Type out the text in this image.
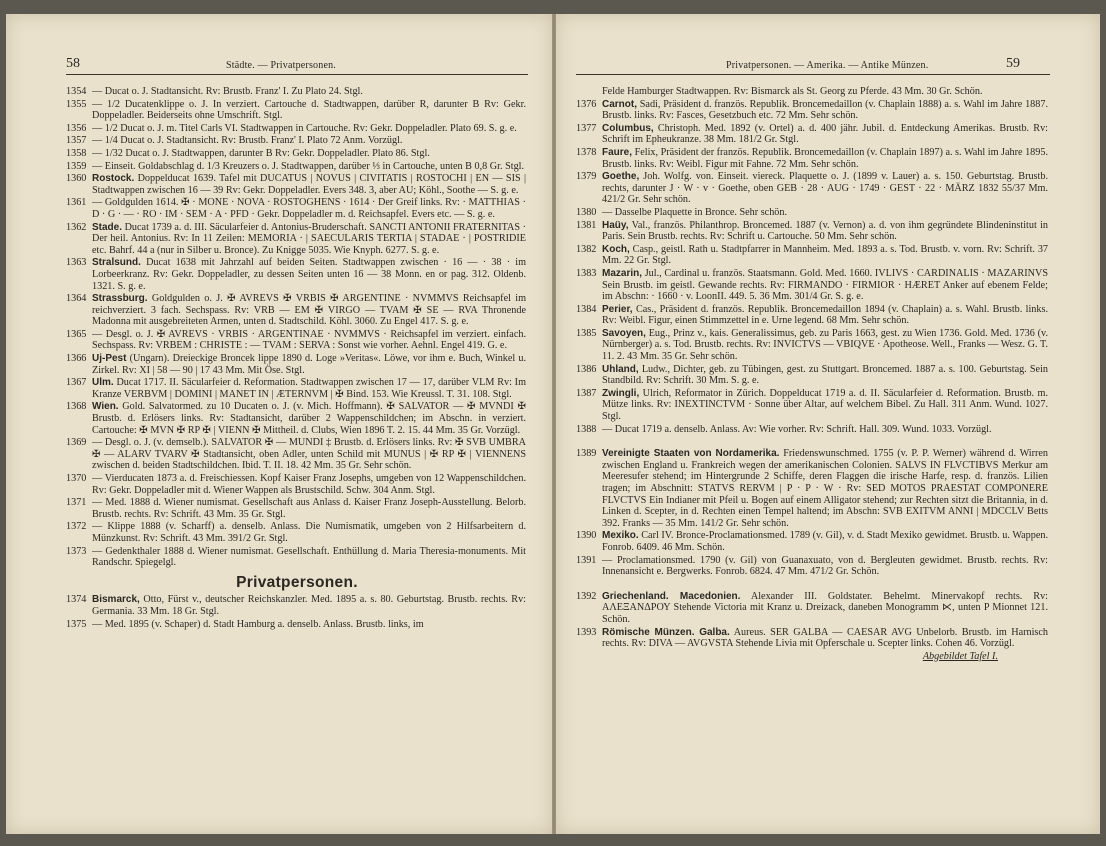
58	Städte. — Privatpersonen.
1354 — Ducat o. J. Stadtansicht. Rv: Brustb. Franz' I. Zu Plato 24. Stgl.
1355 — 1/2 Ducatenklippe o. J. In verziert. Cartouche d. Stadtwappen, darüber R, darunter B Rv: Gekr. Doppeladler. Beiderseits ohne Umschrift. Stgl.
1356 — 1/2 Ducat o. J. m. Titel Carls VI. Stadtwappen in Cartouche. Rv: Gekr. Doppeladler. Plato 69. S. g. e.
1357 — 1/4 Ducat o. J. Stadtansicht. Rv: Brustb. Franz' I. Plato 72 Anm. Vorzügl.
1358 — 1/32 Ducat o. J. Stadtwappen, darunter B Rv: Gekr. Doppeladler. Plato 86. Stgl.
1359 — Einseit. Goldabschlag d. 1/3 Kreuzers o. J. Stadtwappen, darüber ⅓ in Cartouche, unten B 0,8 Gr. Stgl.
1360 Rostock. Doppelducat 1639. Tafel mit DUCATUS | NOVUS | CIVITATIS | ROSTOCHI | EN — SIS | Stadtwappen zwischen 16 — 39 Rv: Gekr. Doppeladler. Evers 348. 3, aber AU; Köhl., Soothe — S. g. e.
1361 — Goldgulden 1614. ✠ · MONE · NOVA · ROSTOGHENS · 1614 · Der Greif links. Rv: · MATTHIAS · D · G · — · RO · IM · SEM · A · PFD · Gekr. Doppeladler m. d. Reichsapfel. Evers etc. — S. g. e.
1362 Stade. Ducat 1739 a. d. III. Säcularfeier d. Antonius-Bruderschaft. SANCTI ANTONII FRATERNITAS · Der heil. Antonius. Rv: In 11 Zeilen: MEMORIA · | SAECULARIS TERTIA | STADAE · | POSTRIDIE etc. Bahrf. 44 a (nur in Silber u. Bronce). Zu Knigge 5035. Wie Knyph. 6277. S. g. e.
1363 Stralsund. Ducat 1638 mit Jahrzahl auf beiden Seiten. Stadtwappen zwischen · 16 — · 38 · im Lorbeerkranz. Rv: Gekr. Doppeladler, zu dessen Seiten unten 16 — 38 Monn. en or pag. 312. Oldenb. 1321. S. g. e.
1364 Strassburg. Goldgulden o. J. ✠ AVREVS ✠ VRBIS ✠ ARGENTINE · NVMMVS Reichsapfel im reichverziert. 3 fach. Sechspass. Rv: VRB — EM ✠ VIRGO — TVAM ✠ SE — RVA Thronende Madonna mit ausgebreiteten Armen, unten d. Stadtschild. Köhl. 3060. Zu Engel 417. S. g. e.
1365 — Desgl. o. J. ✠ AVREVS · VRBIS · ARGENTINAE · NVMMVS · Reichsapfel im verziert. einfach. Sechspass. Rv: VRBEM : CHRISTE : — TVAM : SERVA : Sonst wie vorher. Aehnl. Engel 419. G. e.
1366 Uj-Pest (Ungarn). Dreieckige Broncek lippe 1890 d. Loge »Veritas«. Löwe, vor ihm e. Buch, Winkel u. Zirkel. Rv: XI | 58 — 90 | 17 43 Mm. Mit Öse. Stgl.
1367 Ulm. Ducat 1717. II. Säcularfeier d. Reformation. Stadtwappen zwischen 17 — 17, darüber VLM Rv: Im Kranze VERBVM | DOMINI | MANET IN | ÆTERNVM | ✠ Bind. 153. Wie Kreussl. T. 31. 108. Stgl.
1368 Wien. Gold. Salvatormed. zu 10 Ducaten o. J. (v. Mich. Hoffmann). ✠ SALVATOR — ✠ MVNDI ✠ Brustb. d. Erlösers links. Rv: Stadtansicht, darüber 2 Wappenschildchen; im Abschn. in verziert. Cartouche: ✠ MVN ✠ RP ✠ | VIENN ✠ Mittheil. d. Clubs, Wien 1896 T. 2. 15. 44 Mm. 35 Gr. Vorzügl.
1369 — Desgl. o. J. (v. demselb.). SALVATOR ✠ — MUNDI ‡ Brustb. d. Erlösers links. Rv: ✠ SVB UMBRA ✠ — ALARV TVARV ✠ Stadtansicht, oben Adler, unten Schild mit MUNUS | ✠ RP ✠ | VIENNENS zwischen d. beiden Stadtschildchen. Ibid. T. II. 18. 42 Mm. 35 Gr. Sehr schön.
1370 — Vierducaten 1873 a. d. Freischiessen. Kopf Kaiser Franz Josephs, umgeben von 12 Wappenschildchen. Rv: Gekr. Doppeladler mit d. Wiener Wappen als Brustschild. Schw. 304 Anm. Stgl.
1371 — Med. 1888 d. Wiener numismat. Gesellschaft aus Anlass d. Kaiser Franz Joseph-Ausstellung. Belorb. Brustb. rechts. Rv: Schrift. 43 Mm. 35 Gr. Stgl.
1372 — Klippe 1888 (v. Scharff) a. denselb. Anlass. Die Numismatik, umgeben von 2 Hilfsarbeitern d. Münzkunst. Rv: Schrift. 43 Mm. 391/2 Gr. Stgl.
1373 — Gedenkthaler 1888 d. Wiener numismat. Gesellschaft. Enthüllung d. Maria Theresia-monuments. Mit Randschr. Spiegelgl.
Privatpersonen.
1374 Bismarck, Otto, Fürst v., deutscher Reichskanzler. Med. 1895 a. s. 80. Geburtstag. Brustb. rechts. Rv: Germania. 33 Mm. 18 Gr. Stgl.
1375 — Med. 1895 (v. Schaper) d. Stadt Hamburg a. denselb. Anlass. Brustb. links, im
Privatpersonen. — Amerika. — Antike Münzen.	59
Felde Hamburger Stadtwappen. Rv: Bismarck als St. Georg zu Pferde. 43 Mm. 30 Gr. Schön.
1376 Carnot, Sadi, Präsident d. französ. Republik. Broncemedaillon (v. Chaplain 1888) a. s. Wahl im Jahre 1887. Brustb. links. Rv: Fasces, Gesetzbuch etc. 72 Mm. Sehr schön.
1377 Columbus, Christoph. Med. 1892 (v. Ortel) a. d. 400 jähr. Jubil. d. Entdeckung Amerikas. Brustb. Rv: Schrift im Epheukranze. 38 Mm. 181/2 Gr. Stgl.
1378 Faure, Felix, Präsident der französ. Republik. Broncemedaillon (v. Chaplain 1897) a. s. Wahl im Jahre 1895. Brustb. links. Rv: Weibl. Figur mit Fahne. 72 Mm. Sehr schön.
1379 Goethe, Joh. Wolfg. von. Einseit. viereck. Plaquette o. J. (1899 v. Lauer) a. s. 150. Geburtstag. Brustb. rechts, darunter J · W · v · Goethe, oben GEB · 28 · AUG · 1749 · GEST · 22 · MÄRZ 1832 55/37 Mm. 421/2 Gr. Sehr schön.
1380 — Dasselbe Plaquette in Bronce. Sehr schön.
1381 Haüy, Val., französ. Philanthrop. Broncemed. 1887 (v. Vernon) a. d. von ihm gegründete Blindeninstitut in Paris. Sein Brustb. rechts. Rv: Schrift u. Cartouche. 50 Mm. Sehr schön.
1382 Koch, Casp., geistl. Rath u. Stadtpfarrer in Mannheim. Med. 1893 a. s. Tod. Brustb. v. vorn. Rv: Schrift. 37 Mm. 22 Gr. Stgl.
1383 Mazarin, Jul., Cardinal u. französ. Staatsmann. Gold. Med. 1660. IVLIVS · CARDINALIS · MAZARINVS Sein Brustb. im geistl. Gewande rechts. Rv: FIRMANDO · FIRMIOR · HÆRET Anker auf ebenem Felde; im Abschn: · 1660 · v. LoonII. 449. 5. 36 Mm. 301/4 Gr. S. g. e.
1384 Perier, Cas., Präsident d. französ. Republik. Broncemedaillon 1894 (v. Chaplain) a. s. Wahl. Brustb. links. Rv: Weibl. Figur, einen Stimmzettel in e. Urne legend. 68 Mm. Sehr schön.
1385 Savoyen, Eug., Prinz v., kais. Generalissimus, geb. zu Paris 1663, gest. zu Wien 1736. Gold. Med. 1736 (v. Nürnberger) a. s. Tod. Brustb. rechts. Rv: INVICTVS — VBIQVE · Apotheose. Well., Franks — Wesz. G. T. 11. 2. 43 Mm. 35 Gr. Sehr schön.
1386 Uhland, Ludw., Dichter, geb. zu Tübingen, gest. zu Stuttgart. Broncemed. 1887 a. s. 100. Geburtstag. Sein Standbild. Rv: Schrift. 30 Mm. S. g. e.
1387 Zwingli, Ulrich, Reformator in Zürich. Doppelducat 1719 a. d. II. Säcularfeier d. Reformation. Brustb. m. Mütze links. Rv: INEXTINCTVM · Sonne über Altar, auf welchem Bibel. Zu Hall. 311 Anm. Wund. 1027. Stgl.
1388 — Ducat 1719 a. denselb. Anlass. Av: Wie vorher. Rv: Schrift. Hall. 309. Wund. 1033. Vorzügl.
1389 Vereinigte Staaten von Nordamerika. Friedenswunschmed. 1755 (v. P. P. Werner) während d. Wirren zwischen England u. Frankreich wegen der amerikanischen Colonien. SALVS IN FLVCTIBVS Merkur am Meeresufer stehend; im Hintergrunde 2 Schiffe, deren Flaggen die irische Harfe, resp. d. französ. Lilien tragen; im Abschnitt: STATVS RERVM | P · P · W · Rv: SED MOTOS PRAESTAT COMPONERE FLVCTVS Ein Indianer mit Pfeil u. Bogen auf einem Alligator stehend; zur Rechten sitzt die Britannia, in d. Linken d. Scepter, in d. Rechten einen Tempel haltend; im Abschn: SVB EXITVM ANNI | MDCCLV Betts 392. Franks — 35 Mm. 141/2 Gr. Sehr schön.
1390 Mexiko. Carl IV. Bronce-Proclamationsmed. 1789 (v. Gil), v. d. Stadt Mexiko gewidmet. Brustb. u. Wappen. Fonrob. 6409. 46 Mm. Schön.
1391 — Proclamationsmed. 1790 (v. Gil) von Guanaxuato, von d. Bergleuten gewidmet. Brustb. rechts. Rv: Innenansicht e. Bergwerks. Fonrob. 6824. 47 Mm. 471/2 Gr. Schön.
1392 Griechenland. Macedonien. Alexander III. Goldstater. Behelmt. Minervakopf rechts. Rv: ΑΛΕΞΑΝΔΡΟΥ Stehende Victoria mit Kranz u. Dreizack, daneben Monogramm ⋉, unten P Mionnet 121. Schön.
1393 Römische Münzen. Galba. Aureus. SER GALBA — CAESAR AVG Unbelorb. Brustb. im Harnisch rechts. Rv: DIVA — AVGVSTA Stehende Livia mit Opferschale u. Scepter links. Cohen 46. Vorzügl.
Abgebildet Tafel I.
